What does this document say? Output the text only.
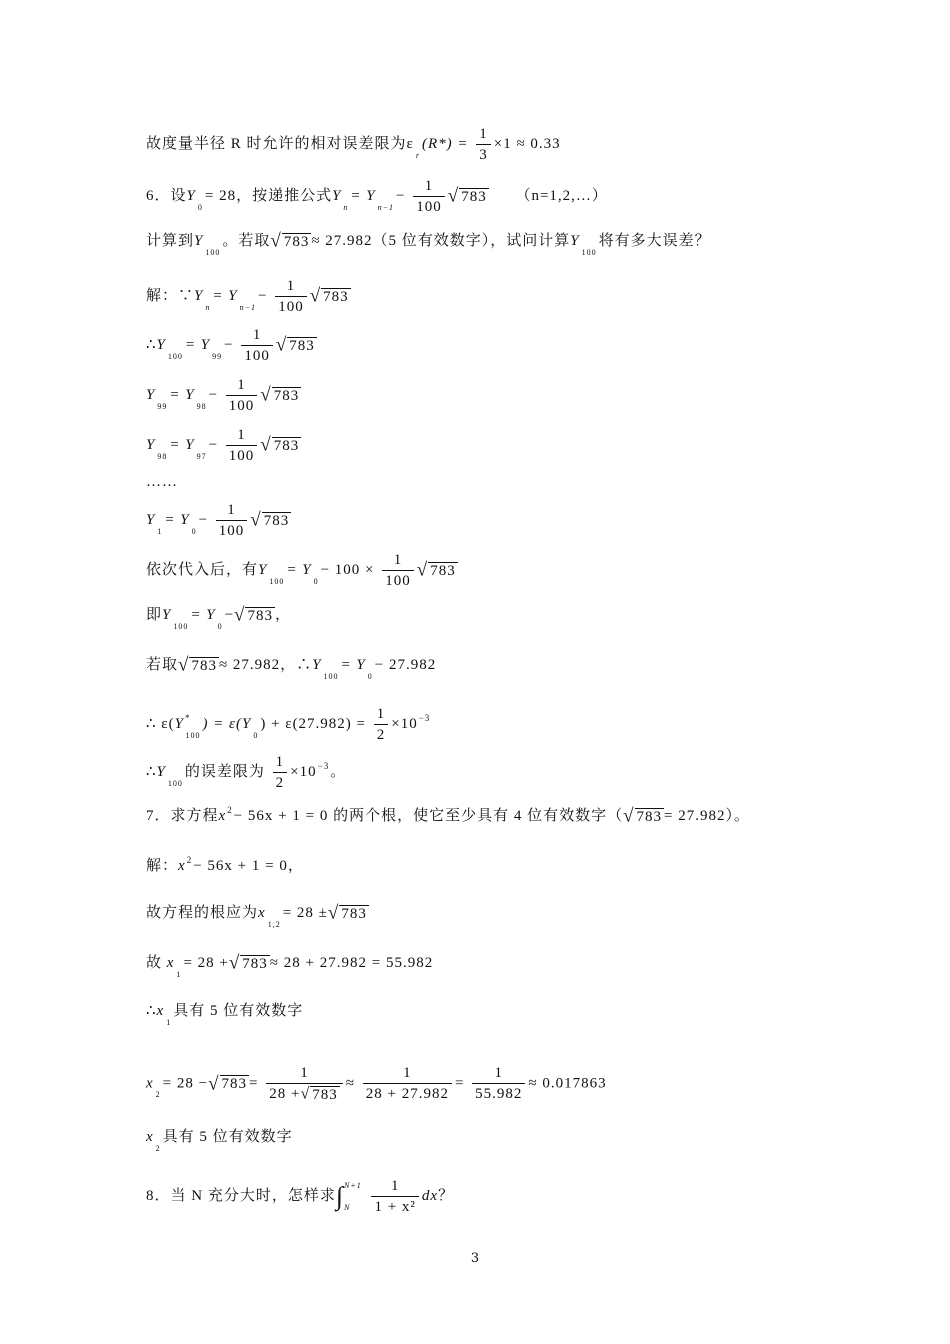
故度量半径 R 时允许的相对误差限为$\varepsilon_r(R*) = \frac{1}{3} \times 1 \approx 0.33$
6．设$Y_0= 28$，按递推公式$Y_n= Y_{n-1}- \frac{1}{100}$ √ 783 （n=1,2,…）
计算到$Y_{100}$。若取√ 783 ≈ 27.982（5 位有效数字），试问计算$Y_{100}$将有多大误差？
解：$\because Y_n= Y_{n-1}- \frac{1}{100}$ √ 783
$\therefore Y_{100}= Y_{99}- \frac{1}{100}$ √ 783
$Y_{99}= Y_{98}- \frac{1}{100}$ √ 783
$Y_{98}= Y_{97}- \frac{1}{100}$ √ 783
……
$Y_1= Y_0- \frac{1}{100}$ √ 783
依次代入后，有$Y_{100}= Y_0- 100 \times \frac{1}{100}$ √ 783
即$Y_{100}= Y_0-√$ 783 ，
若取√ 783 ≈ 27.982，$\therefore Y_{100}= Y_0- 27.982$
∴ $\varepsilon(Y^*_{100}) = \varepsilon(Y_0) + \varepsilon(27.982) = \frac{1}{2} \times 10^{-3}$
$\therefore Y_{100}$的误差限为 $\frac{1}{2} \times 10^{-3}$。
7．求方程$x^2- 56x + 1 = 0$ 的两个根，使它至少具有 4 位有效数字（√ 783 = 27.982）。
解：$x^2- 56x + 1 = 0$，
故方程的根应为$x_{1,2}= 28$ ±√ 783
故 $x_1= 28$ +√ 783 ≈ 28 + 27.982 = 55.982
$\therefore x_1$具有 5 位有效数字
$x_2= 28$ −√ $783 = \frac{1}{28 +√ 783} \approx \frac{1}{28 + 27.982} = \frac{1}{55.982} \approx 0.017863$
$x_2$具有 5 位有效数字
8．当 N 充分大时，怎样求∫ N+1
N
	$\frac{1}{\text{1 + x²}}$ dx？
3
